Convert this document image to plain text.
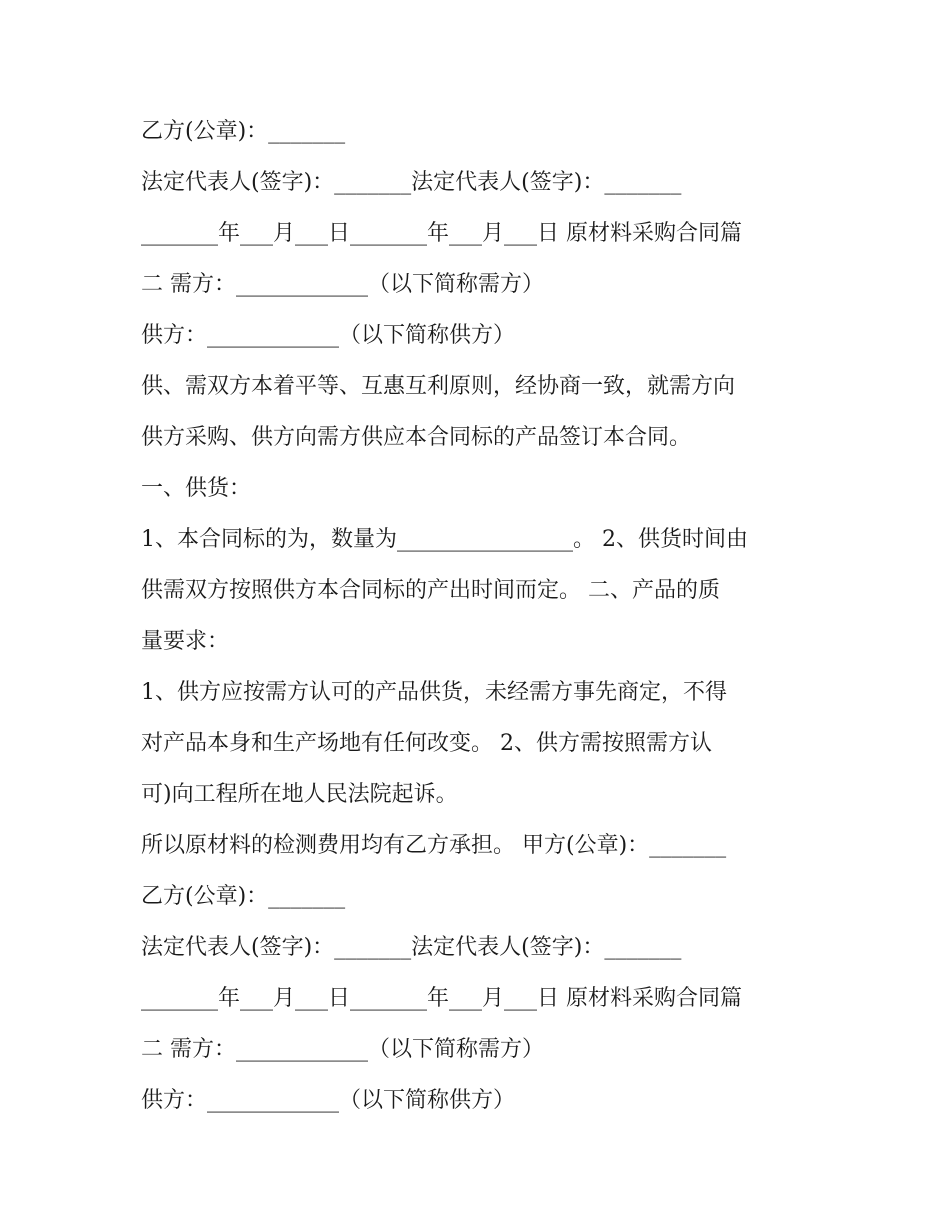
乙方(公章)：_______
法定代表人(签字)：_______法定代表人(签字)：_______
_______年___月___日_______年___月___日 原材料采购合同篇
二 需方：____________（以下简称需方）
供方：____________（以下简称供方）
供、需双方本着平等、互惠互利原则，经协商一致，就需方向
供方采购、供方向需方供应本合同标的产品签订本合同。
一、供货：
1、本合同标的为，数量为________________。 2、供货时间由
供需双方按照供方本合同标的产出时间而定。 二、产品的质
量要求：
1、供方应按需方认可的产品供货，未经需方事先商定，不得
对产品本身和生产场地有任何改变。 2、供方需按照需方认
可)向工程所在地人民法院起诉。
所以原材料的检测费用均有乙方承担。 甲方(公章)：_______
乙方(公章)：_______
法定代表人(签字)：_______法定代表人(签字)：_______
_______年___月___日_______年___月___日 原材料采购合同篇
二 需方：____________（以下简称需方）
供方：____________（以下简称供方）
